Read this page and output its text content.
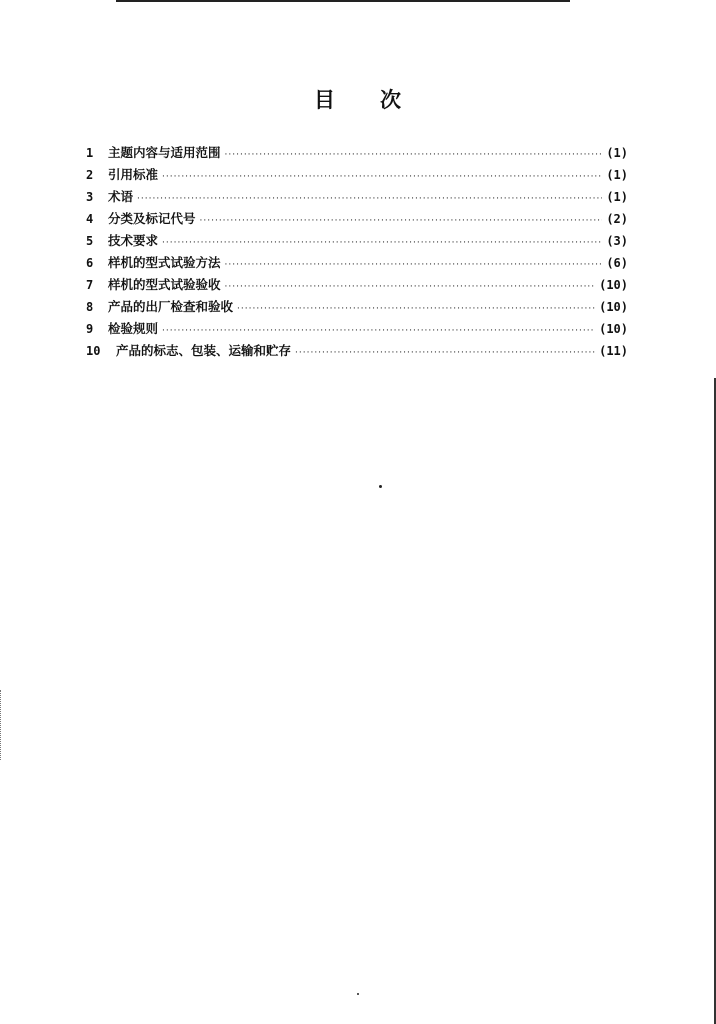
目 次
1	主题内容与适用范围 ·····	(1)
2	引用标准 ·····	(1)
3	术语 ·····	(1)
4	分类及标记代号 ·····	(2)
5	技术要求 ·····	(3)
6	样机的型式试验方法 ·····	(6)
7	样机的型式试验验收 ·····	(10)
8	产品的出厂检查和验收 ·····	(10)
9	检验规则 ·····	(10)
10	产品的标志、包装、运输和贮存 ·····	(11)
